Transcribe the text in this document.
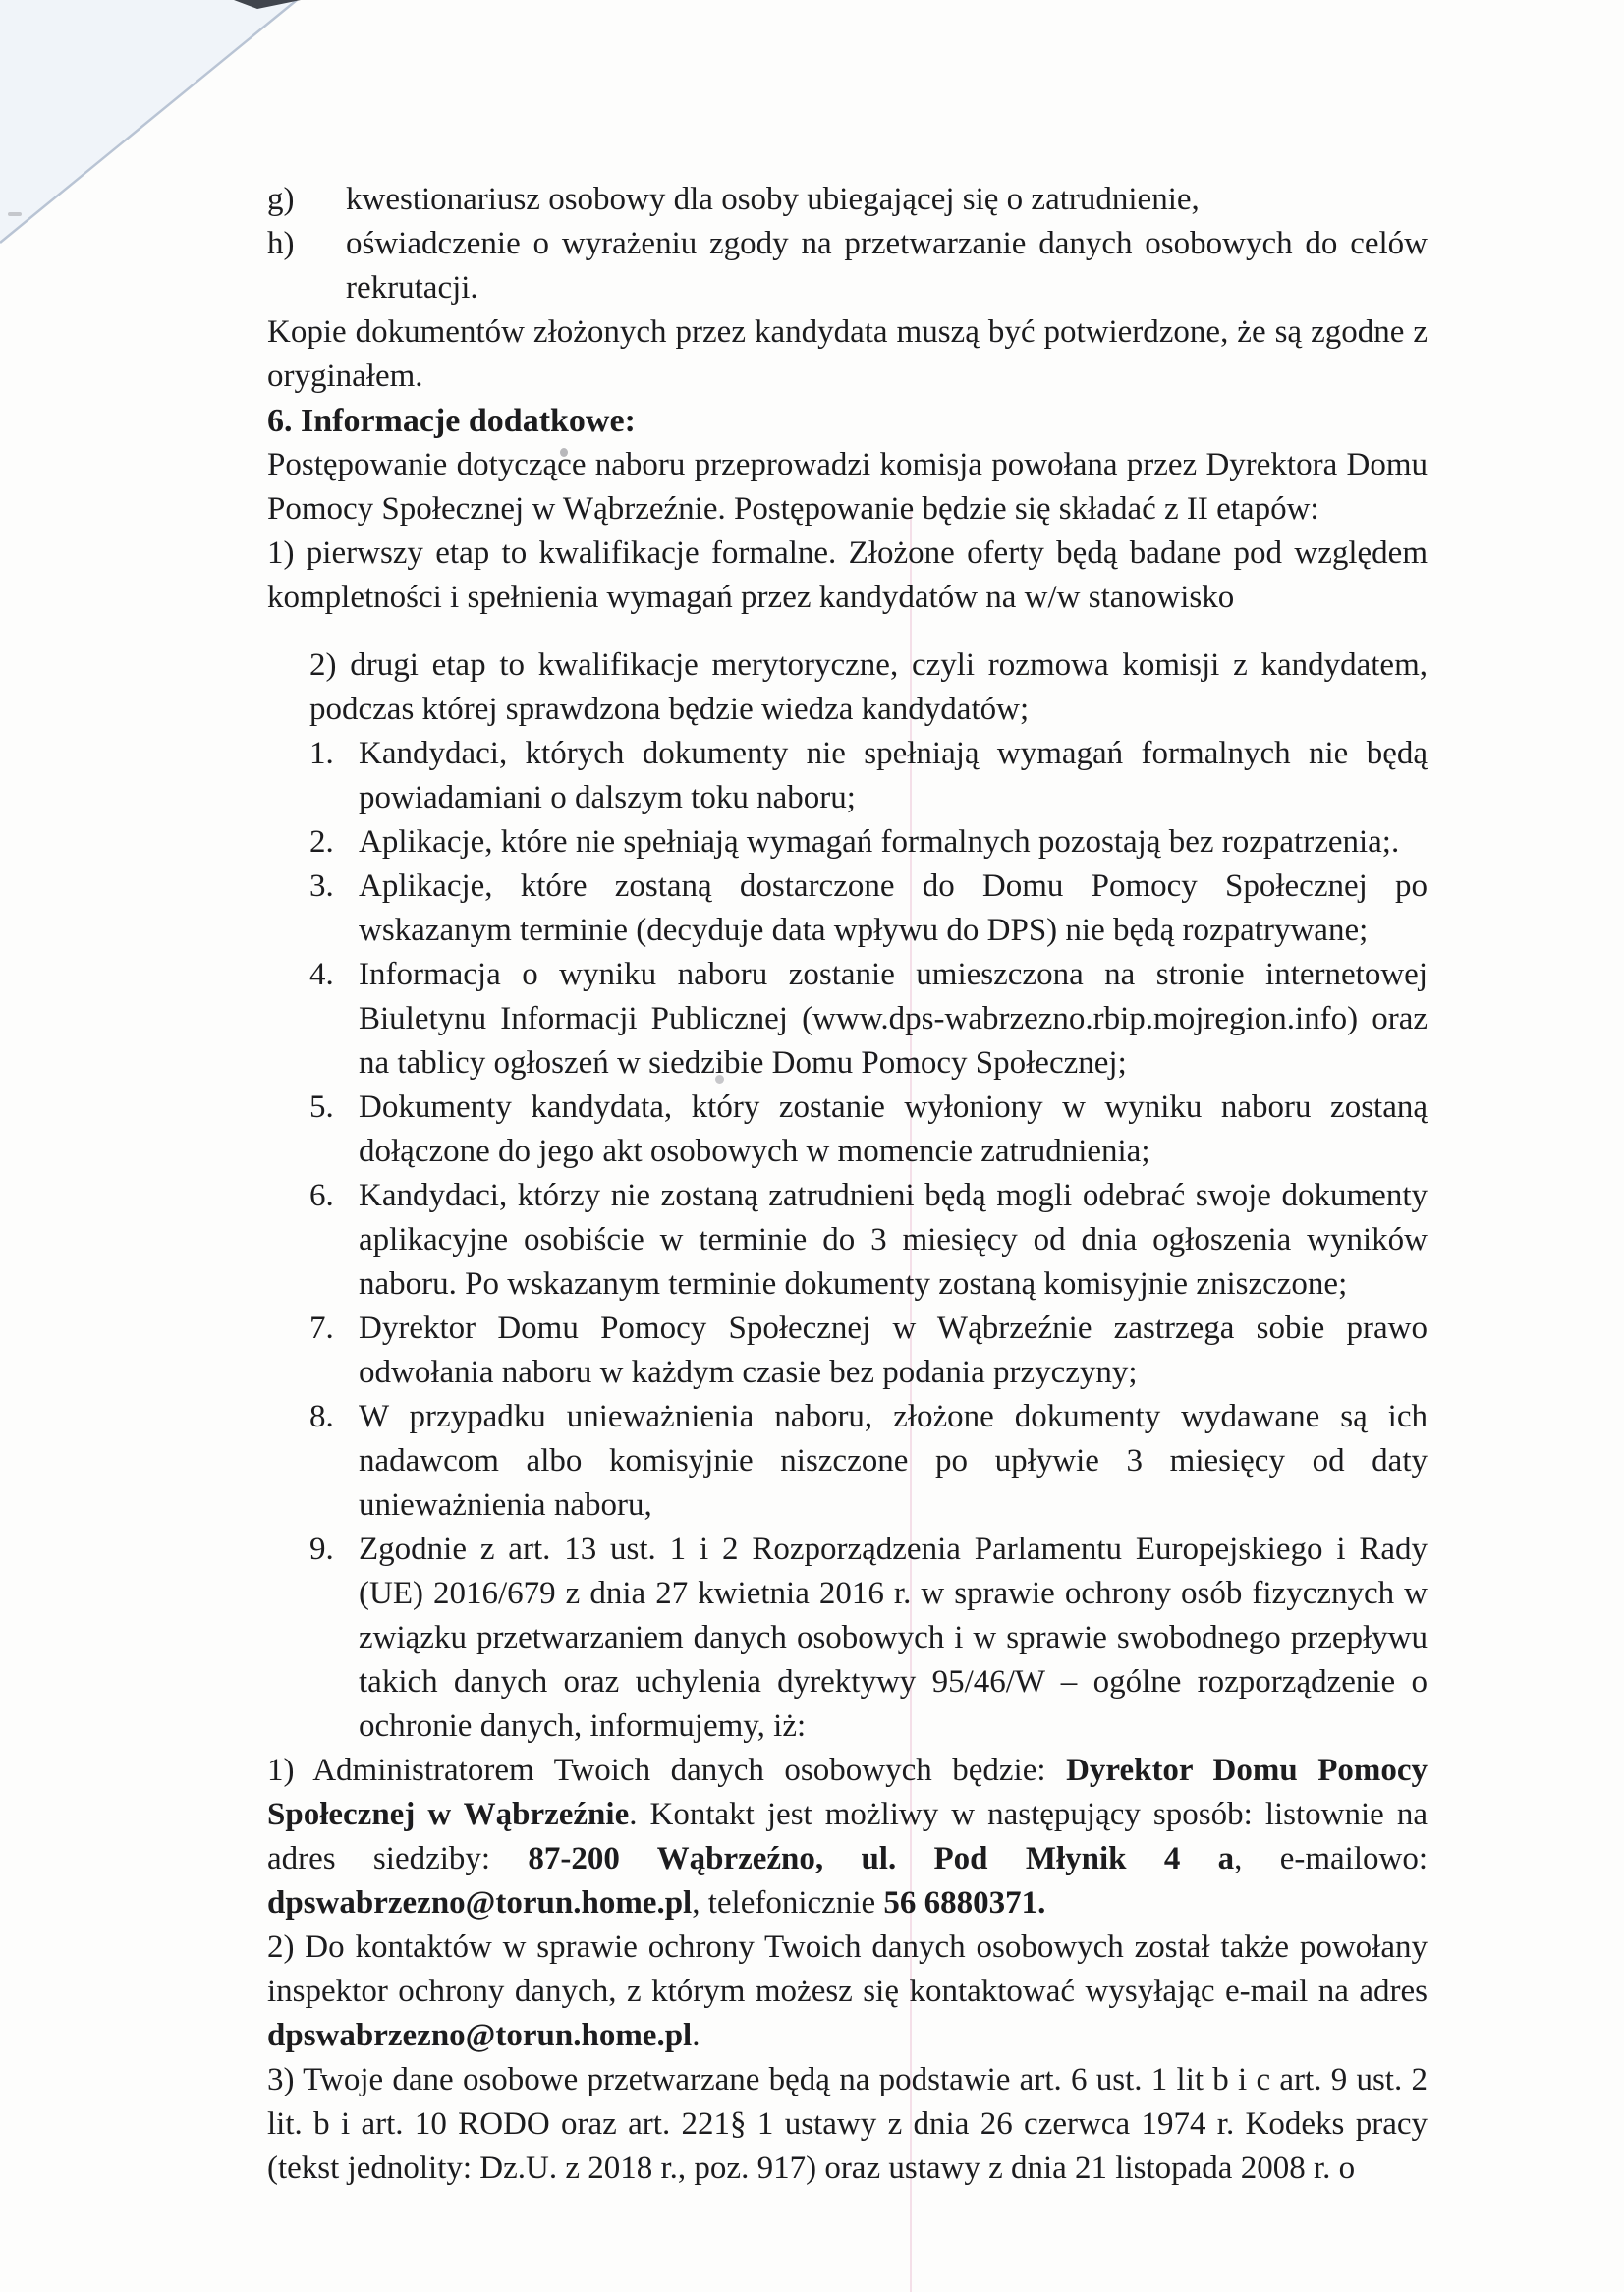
g)	kwestionariusz osobowy dla osoby ubiegającej się o zatrudnienie,
h)	oświadczenie o wyrażeniu zgody na przetwarzanie danych osobowych do celów rekrutacji.

Kopie dokumentów złożonych przez kandydata muszą być potwierdzone, że są zgodne z oryginałem.

6. Informacje dodatkowe:

Postępowanie dotyczące naboru przeprowadzi komisja powołana przez Dyrektora Domu Pomocy Społecznej w Wąbrzeźnie. Postępowanie będzie się składać z II etapów:

1) pierwszy etap to kwalifikacje formalne. Złożone oferty będą badane pod względem kompletności i spełnienia wymagań przez kandydatów na w/w stanowisko

2) drugi etap to kwalifikacje merytoryczne, czyli rozmowa komisji z kandydatem, podczas której sprawdzona będzie wiedza kandydatów;

1. Kandydaci, których dokumenty nie spełniają wymagań formalnych nie będą powiadamiani o dalszym toku naboru;
2. Aplikacje, które nie spełniają wymagań formalnych pozostają bez rozpatrzenia;.
3. Aplikacje, które zostaną dostarczone do Domu Pomocy Społecznej po wskazanym terminie (decyduje data wpływu do DPS) nie będą rozpatrywane;
4. Informacja o wyniku naboru zostanie umieszczona na stronie internetowej Biuletynu Informacji Publicznej (www.dps-wabrzezno.rbip.mojregion.info) oraz na tablicy ogłoszeń w siedzibie Domu Pomocy Społecznej;
5. Dokumenty kandydata, który zostanie wyłoniony w wyniku naboru zostaną dołączone do jego akt osobowych w momencie zatrudnienia;
6. Kandydaci, którzy nie zostaną zatrudnieni będą mogli odebrać swoje dokumenty aplikacyjne osobiście w terminie do 3 miesięcy od dnia ogłoszenia wyników naboru. Po wskazanym terminie dokumenty zostaną komisyjnie zniszczone;
7. Dyrektor Domu Pomocy Społecznej w Wąbrzeźnie zastrzega sobie prawo odwołania naboru w każdym czasie bez podania przyczyny;
8. W przypadku unieważnienia naboru, złożone dokumenty wydawane są ich nadawcom albo komisyjnie niszczone po upływie 3 miesięcy od daty unieważnienia naboru,
9. Zgodnie z art. 13 ust. 1 i 2 Rozporządzenia Parlamentu Europejskiego i Rady (UE) 2016/679 z dnia 27 kwietnia 2016 r. w sprawie ochrony osób fizycznych w związku przetwarzaniem danych osobowych i w sprawie swobodnego przepływu takich danych oraz uchylenia dyrektywy 95/46/W – ogólne rozporządzenie o ochronie danych, informujemy, iż:

1) Administratorem Twoich danych osobowych będzie: Dyrektor Domu Pomocy Społecznej w Wąbrzeźnie. Kontakt jest możliwy w następujący sposób: listownie na adres siedziby: 87-200 Wąbrzeźno, ul. Pod Młynik 4 a, e-mailowo: dpswabrzezno@torun.home.pl, telefonicznie 56 6880371.

2) Do kontaktów w sprawie ochrony Twoich danych osobowych został także powołany inspektor ochrony danych, z którym możesz się kontaktować wysyłając e-mail na adres dpswabrzezno@torun.home.pl.

3) Twoje dane osobowe przetwarzane będą na podstawie art. 6 ust. 1 lit b i c art. 9 ust. 2 lit. b i art. 10 RODO oraz art. 221§ 1 ustawy z dnia 26 czerwca 1974 r. Kodeks pracy (tekst jednolity: Dz.U. z 2018 r., poz. 917) oraz ustawy z dnia 21 listopada 2008 r. o
